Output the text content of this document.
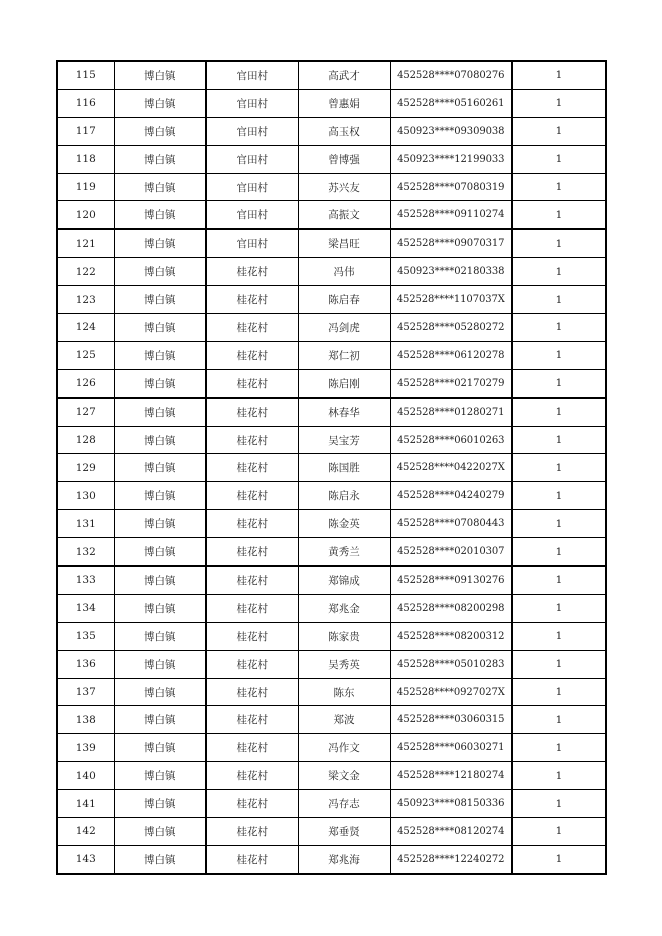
115	博白镇	官田村	高武才	452528****07080276	1
116	博白镇	官田村	曾惠娟	452528****05160261	1
117	博白镇	官田村	高玉权	450923****09309038	1
118	博白镇	官田村	曾博强	450923****12199033	1
119	博白镇	官田村	苏兴友	452528****07080319	1
120	博白镇	官田村	高振文	452528****09110274	1
121	博白镇	官田村	梁昌旺	452528****09070317	1
122	博白镇	桂花村	冯伟	450923****02180338	1
123	博白镇	桂花村	陈启春	452528****1107037X	1
124	博白镇	桂花村	冯剑虎	452528****05280272	1
125	博白镇	桂花村	郑仁初	452528****06120278	1
126	博白镇	桂花村	陈启刚	452528****02170279	1
127	博白镇	桂花村	林春华	452528****01280271	1
128	博白镇	桂花村	吴宝芳	452528****06010263	1
129	博白镇	桂花村	陈国胜	452528****0422027X	1
130	博白镇	桂花村	陈启永	452528****04240279	1
131	博白镇	桂花村	陈金英	452528****07080443	1
132	博白镇	桂花村	黄秀兰	452528****02010307	1
133	博白镇	桂花村	郑锦成	452528****09130276	1
134	博白镇	桂花村	郑兆金	452528****08200298	1
135	博白镇	桂花村	陈家贵	452528****08200312	1
136	博白镇	桂花村	吴秀英	452528****05010283	1
137	博白镇	桂花村	陈东	452528****0927027X	1
138	博白镇	桂花村	郑波	452528****03060315	1
139	博白镇	桂花村	冯作文	452528****06030271	1
140	博白镇	桂花村	梁文金	452528****12180274	1
141	博白镇	桂花村	冯存志	450923****08150336	1
142	博白镇	桂花村	郑垂贤	452528****08120274	1
143	博白镇	桂花村	郑兆海	452528****12240272	1
